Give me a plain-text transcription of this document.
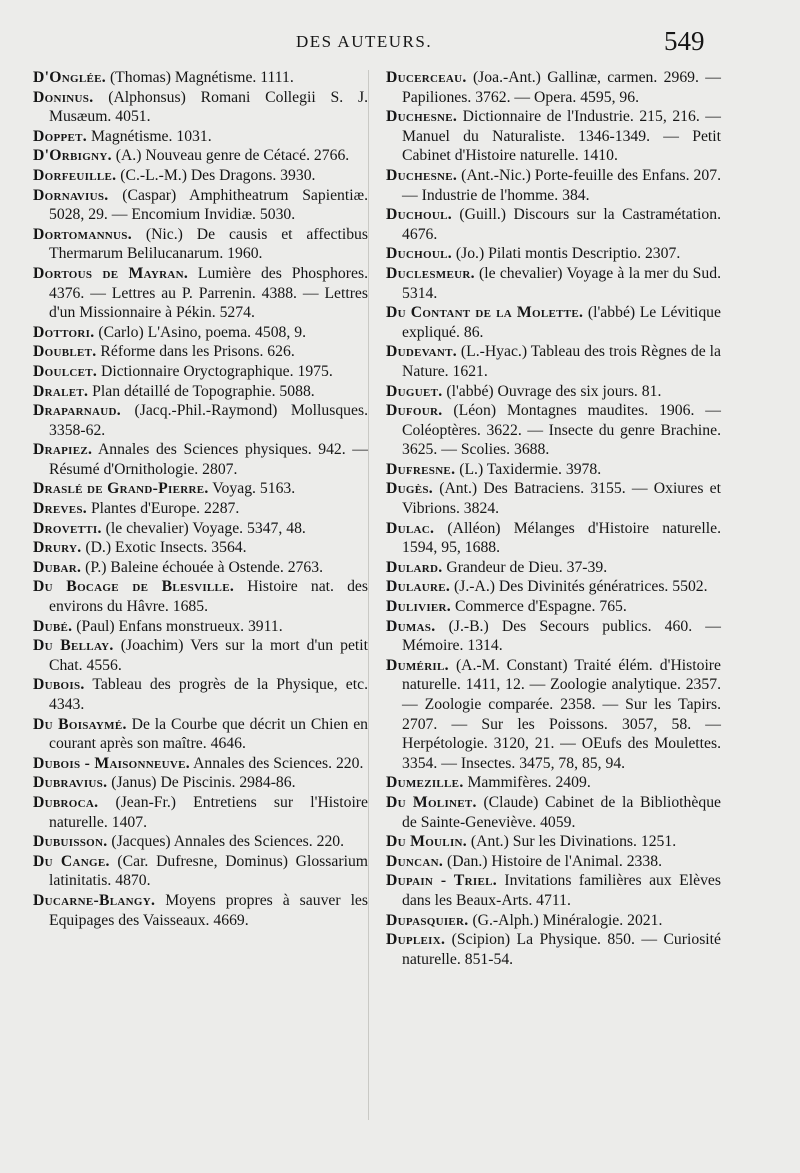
DES AUTEURS.	549
D'Onglée. (Thomas) Magnétisme. 1111.
Doninus. (Alphonsus) Romani Collegii S. J. Musæum. 4051.
Doppet. Magnétisme. 1031.
D'Orbigny. (A.) Nouveau genre de Cétacé. 2766.
Dorfeuille. (C.-L.-M.) Des Dragons. 3930.
Dornavius. (Caspar) Amphitheatrum Sapientiæ. 5028, 29. — Encomium Invidiæ. 5030.
Dortomannus. (Nic.) De causis et affectibus Thermarum Belilucanarum. 1960.
Dortous de Mayran. Lumière des Phosphores. 4376. — Lettres au P. Parrenin. 4388. — Lettres d'un Missionnaire à Pékin. 5274.
Dottori. (Carlo) L'Asino, poema. 4508, 9.
Doublet. Réforme dans les Prisons. 626.
Doulcet. Dictionnaire Oryctographique. 1975.
Dralet. Plan détaillé de Topographie. 5088.
Draparnaud. (Jacq.-Phil.-Raymond) Mollusques. 3358-62.
Drapiez. Annales des Sciences physiques. 942. — Résumé d'Ornithologie. 2807.
Draslé de Grand-Pierre. Voyag. 5163.
Dreves. Plantes d'Europe. 2287.
Drovetti. (le chevalier) Voyage. 5347, 48.
Drury. (D.) Exotic Insects. 3564.
Dubar. (P.) Baleine échouée à Ostende. 2763.
Du Bocage de Blesville. Histoire nat. des environs du Hâvre. 1685.
Dubé. (Paul) Enfans monstrueux. 3911.
Du Bellay. (Joachim) Vers sur la mort d'un petit Chat. 4556.
Dubois. Tableau des progrès de la Physique, etc. 4343.
Du Boisaymé. De la Courbe que décrit un Chien en courant après son maître. 4646.
Dubois - Maisonneuve. Annales des Sciences. 220.
Dubravius. (Janus) De Piscinis. 2984-86.
Dubroca. (Jean-Fr.) Entretiens sur l'Histoire naturelle. 1407.
Dubuisson. (Jacques) Annales des Sciences. 220.
Du Cange. (Car. Dufresne, Dominus) Glossarium latinitatis. 4870.
Ducarne-Blangy. Moyens propres à sauver les Equipages des Vaisseaux. 4669.
Ducerceau. (Joa.-Ant.) Gallinæ, carmen. 2969. — Papiliones. 3762. — Opera. 4595, 96.
Duchesne. Dictionnaire de l'Industrie. 215, 216. — Manuel du Naturaliste. 1346-1349. — Petit Cabinet d'Histoire naturelle. 1410.
Duchesne. (Ant.-Nic.) Porte-feuille des Enfans. 207. — Industrie de l'homme. 384.
Duchoul. (Guill.) Discours sur la Castramétation. 4676.
Duchoul. (Jo.) Pilati montis Descriptio. 2307.
Duclesmeur. (le chevalier) Voyage à la mer du Sud. 5314.
Du Contant de la Molette. (l'abbé) Le Lévitique expliqué. 86.
Dudevant. (L.-Hyac.) Tableau des trois Règnes de la Nature. 1621.
Duguet. (l'abbé) Ouvrage des six jours. 81.
Dufour. (Léon) Montagnes maudites. 1906. — Coléoptères. 3622. — Insecte du genre Brachine. 3625. — Scolies. 3688.
Dufresne. (L.) Taxidermie. 3978.
Dugès. (Ant.) Des Batraciens. 3155. — Oxiures et Vibrions. 3824.
Dulac. (Alléon) Mélanges d'Histoire naturelle. 1594, 95, 1688.
Dulard. Grandeur de Dieu. 37-39.
Dulaure. (J.-A.) Des Divinités génératrices. 5502.
Dulivier. Commerce d'Espagne. 765.
Dumas. (J.-B.) Des Secours publics. 460. — Mémoire. 1314.
Duméril. (A.-M. Constant) Traité élém. d'Histoire naturelle. 1411, 12. — Zoologie analytique. 2357. — Zoologie comparée. 2358. — Sur les Tapirs. 2707. — Sur les Poissons. 3057, 58. — Herpétologie. 3120, 21. — OEufs des Moulettes. 3354. — Insectes. 3475, 78, 85, 94.
Dumezille. Mammifères. 2409.
Du Molinet. (Claude) Cabinet de la Bibliothèque de Sainte-Geneviève. 4059.
Du Moulin. (Ant.) Sur les Divinations. 1251.
Duncan. (Dan.) Histoire de l'Animal. 2338.
Dupain - Triel. Invitations familières aux Elèves dans les Beaux-Arts. 4711.
Dupasquier. (G.-Alph.) Minéralogie. 2021.
Dupleix. (Scipion) La Physique. 850. — Curiosité naturelle. 851-54.
